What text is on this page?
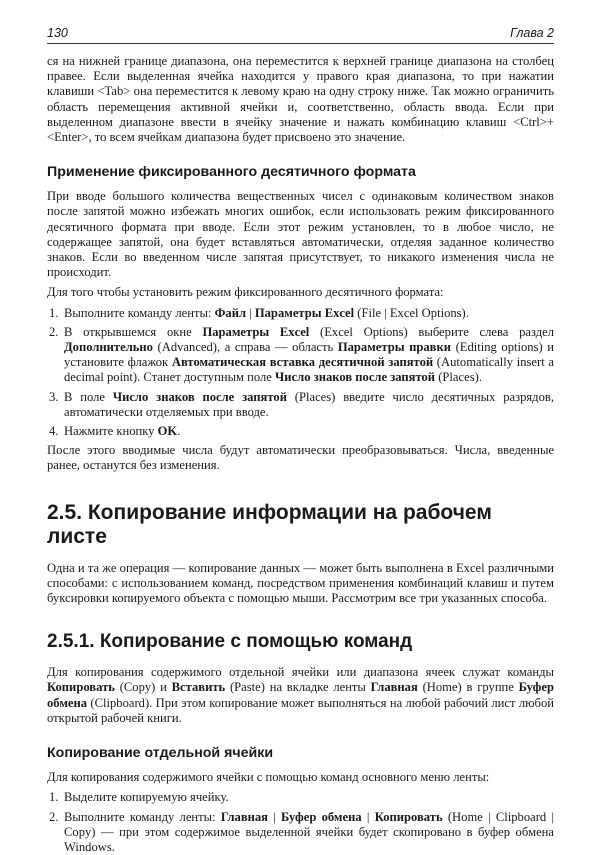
130	Глава 2

ся на нижней границе диапазона, она переместится к верхней границе диапазона на столбец правее. Если выделенная ячейка находится у правого края диапазона, то при нажатии клавиши <Tab> она переместится к левому краю на одну строку ниже. Так можно ограничить область перемещения активной ячейки и, соответственно, область ввода. Если при выделенном диапазоне ввести в ячейку значение и нажать комбинацию клавиш <Ctrl>+<Enter>, то всем ячейкам диапазона будет присвоено это значение.

Применение фиксированного десятичного формата

При вводе большого количества вещественных чисел с одинаковым количеством знаков после запятой можно избежать многих ошибок, если использовать режим фиксированного десятичного формата при вводе. Если этот режим установлен, то в любое число, не содержащее запятой, она будет вставляться автоматически, отделяя заданное количество знаков. Если во введенном числе запятая присутствует, то никакого изменения числа не происходит.

Для того чтобы установить режим фиксированного десятичного формата:

1. Выполните команду ленты: Файл | Параметры Excel (File | Excel Options).
2. В открывшемся окне Параметры Excel (Excel Options) выберите слева раздел Дополнительно (Advanced), а справа — область Параметры правки (Editing options) и установите флажок Автоматическая вставка десятичной запятой (Automatically insert a decimal point). Станет доступным поле Число знаков после запятой (Places).
3. В поле Число знаков после запятой (Places) введите число десятичных разрядов, автоматически отделяемых при вводе.
4. Нажмите кнопку OK.

После этого вводимые числа будут автоматически преобразовываться. Числа, введенные ранее, останутся без изменения.

2.5. Копирование информации на рабочем листе

Одна и та же операция — копирование данных — может быть выполнена в Excel различными способами: с использованием команд, посредством применения комбинаций клавиш и путем буксировки копируемого объекта с помощью мыши. Рассмотрим все три указанных способа.

2.5.1. Копирование с помощью команд

Для копирования содержимого отдельной ячейки или диапазона ячеек служат команды Копировать (Copy) и Вставить (Paste) на вкладке ленты Главная (Home) в группе Буфер обмена (Clipboard). При этом копирование может выполняться на любой рабочий лист любой открытой рабочей книги.

Копирование отдельной ячейки

Для копирования содержимого ячейки с помощью команд основного меню ленты:

1. Выделите копируемую ячейку.
2. Выполните команду ленты: Главная | Буфер обмена | Копировать (Home | Clipboard | Copy) — при этом содержимое выделенной ячейки будет скопировано в буфер обмена Windows.
